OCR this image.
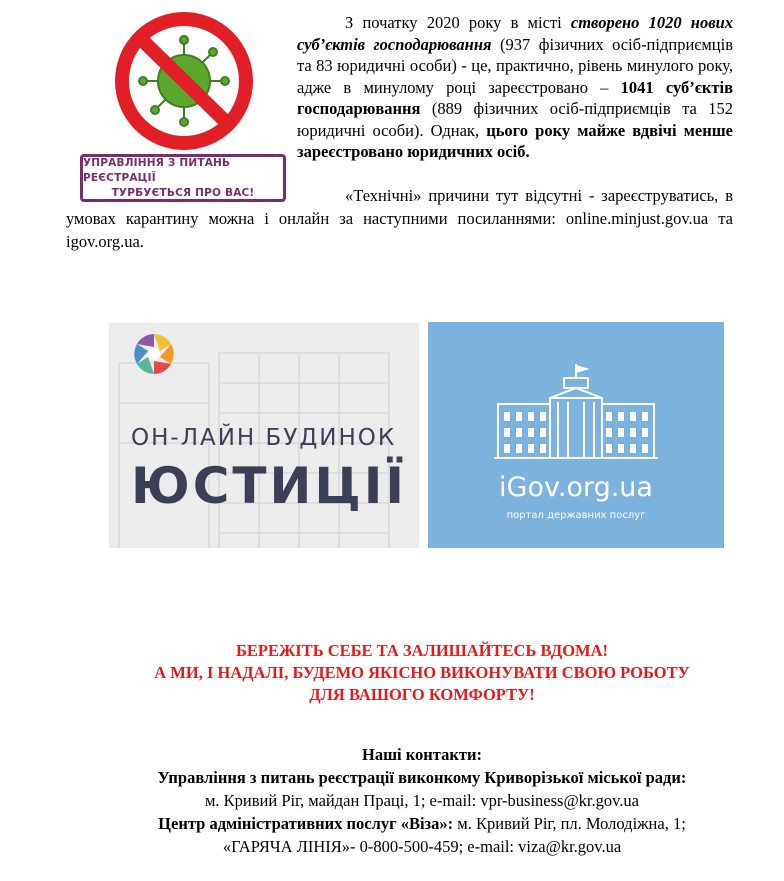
УПРАВЛІННЯ З ПИТАНЬ РЕЄСТРАЦІЇ
ТУРБУЄТЬСЯ ПРО ВАС!
З початку 2020 року в місті створено 1020 нових суб’єктів господарювання (937 фізичних осіб-підприємців та 83 юридичні особи) - це, практично, рівень минулого року, адже в минулому році зареєстровано – 1041 суб’єктів господарювання (889 фізичних осіб-підприємців та 152 юридичні особи). Однак, цього року майже вдвічі менше зареєстровано юридичних осіб.
«Технічні» причини тут відсутні - зареєструватись, в умовах карантину можна і онлайн за наступними посиланнями: online.minjust.gov.ua та igov.org.ua.
ОН-ЛАЙН БУДИНОК
ЮСТИЦІЇ	iGov.org.ua
портал державних послуг
БЕРЕЖІТЬ СЕБЕ ТА ЗАЛИШАЙТЕСЬ ВДОМА!
А МИ, І НАДАЛІ, БУДЕМО ЯКІСНО ВИКОНУВАТИ СВОЮ РОБОТУ
ДЛЯ ВАШОГО КОМФОРТУ!
Наші контакти:
Управління з питань реєстрації виконкому Криворізької міської ради:
м. Кривий Ріг, майдан Праці, 1; e-mail: vpr-business@kr.gov.ua
Центр адміністративних послуг «Віза»: м. Кривий Ріг, пл. Молодіжна, 1;
«ГАРЯЧА ЛІНІЯ»- 0-800-500-459; e-mail: viza@kr.gov.ua
